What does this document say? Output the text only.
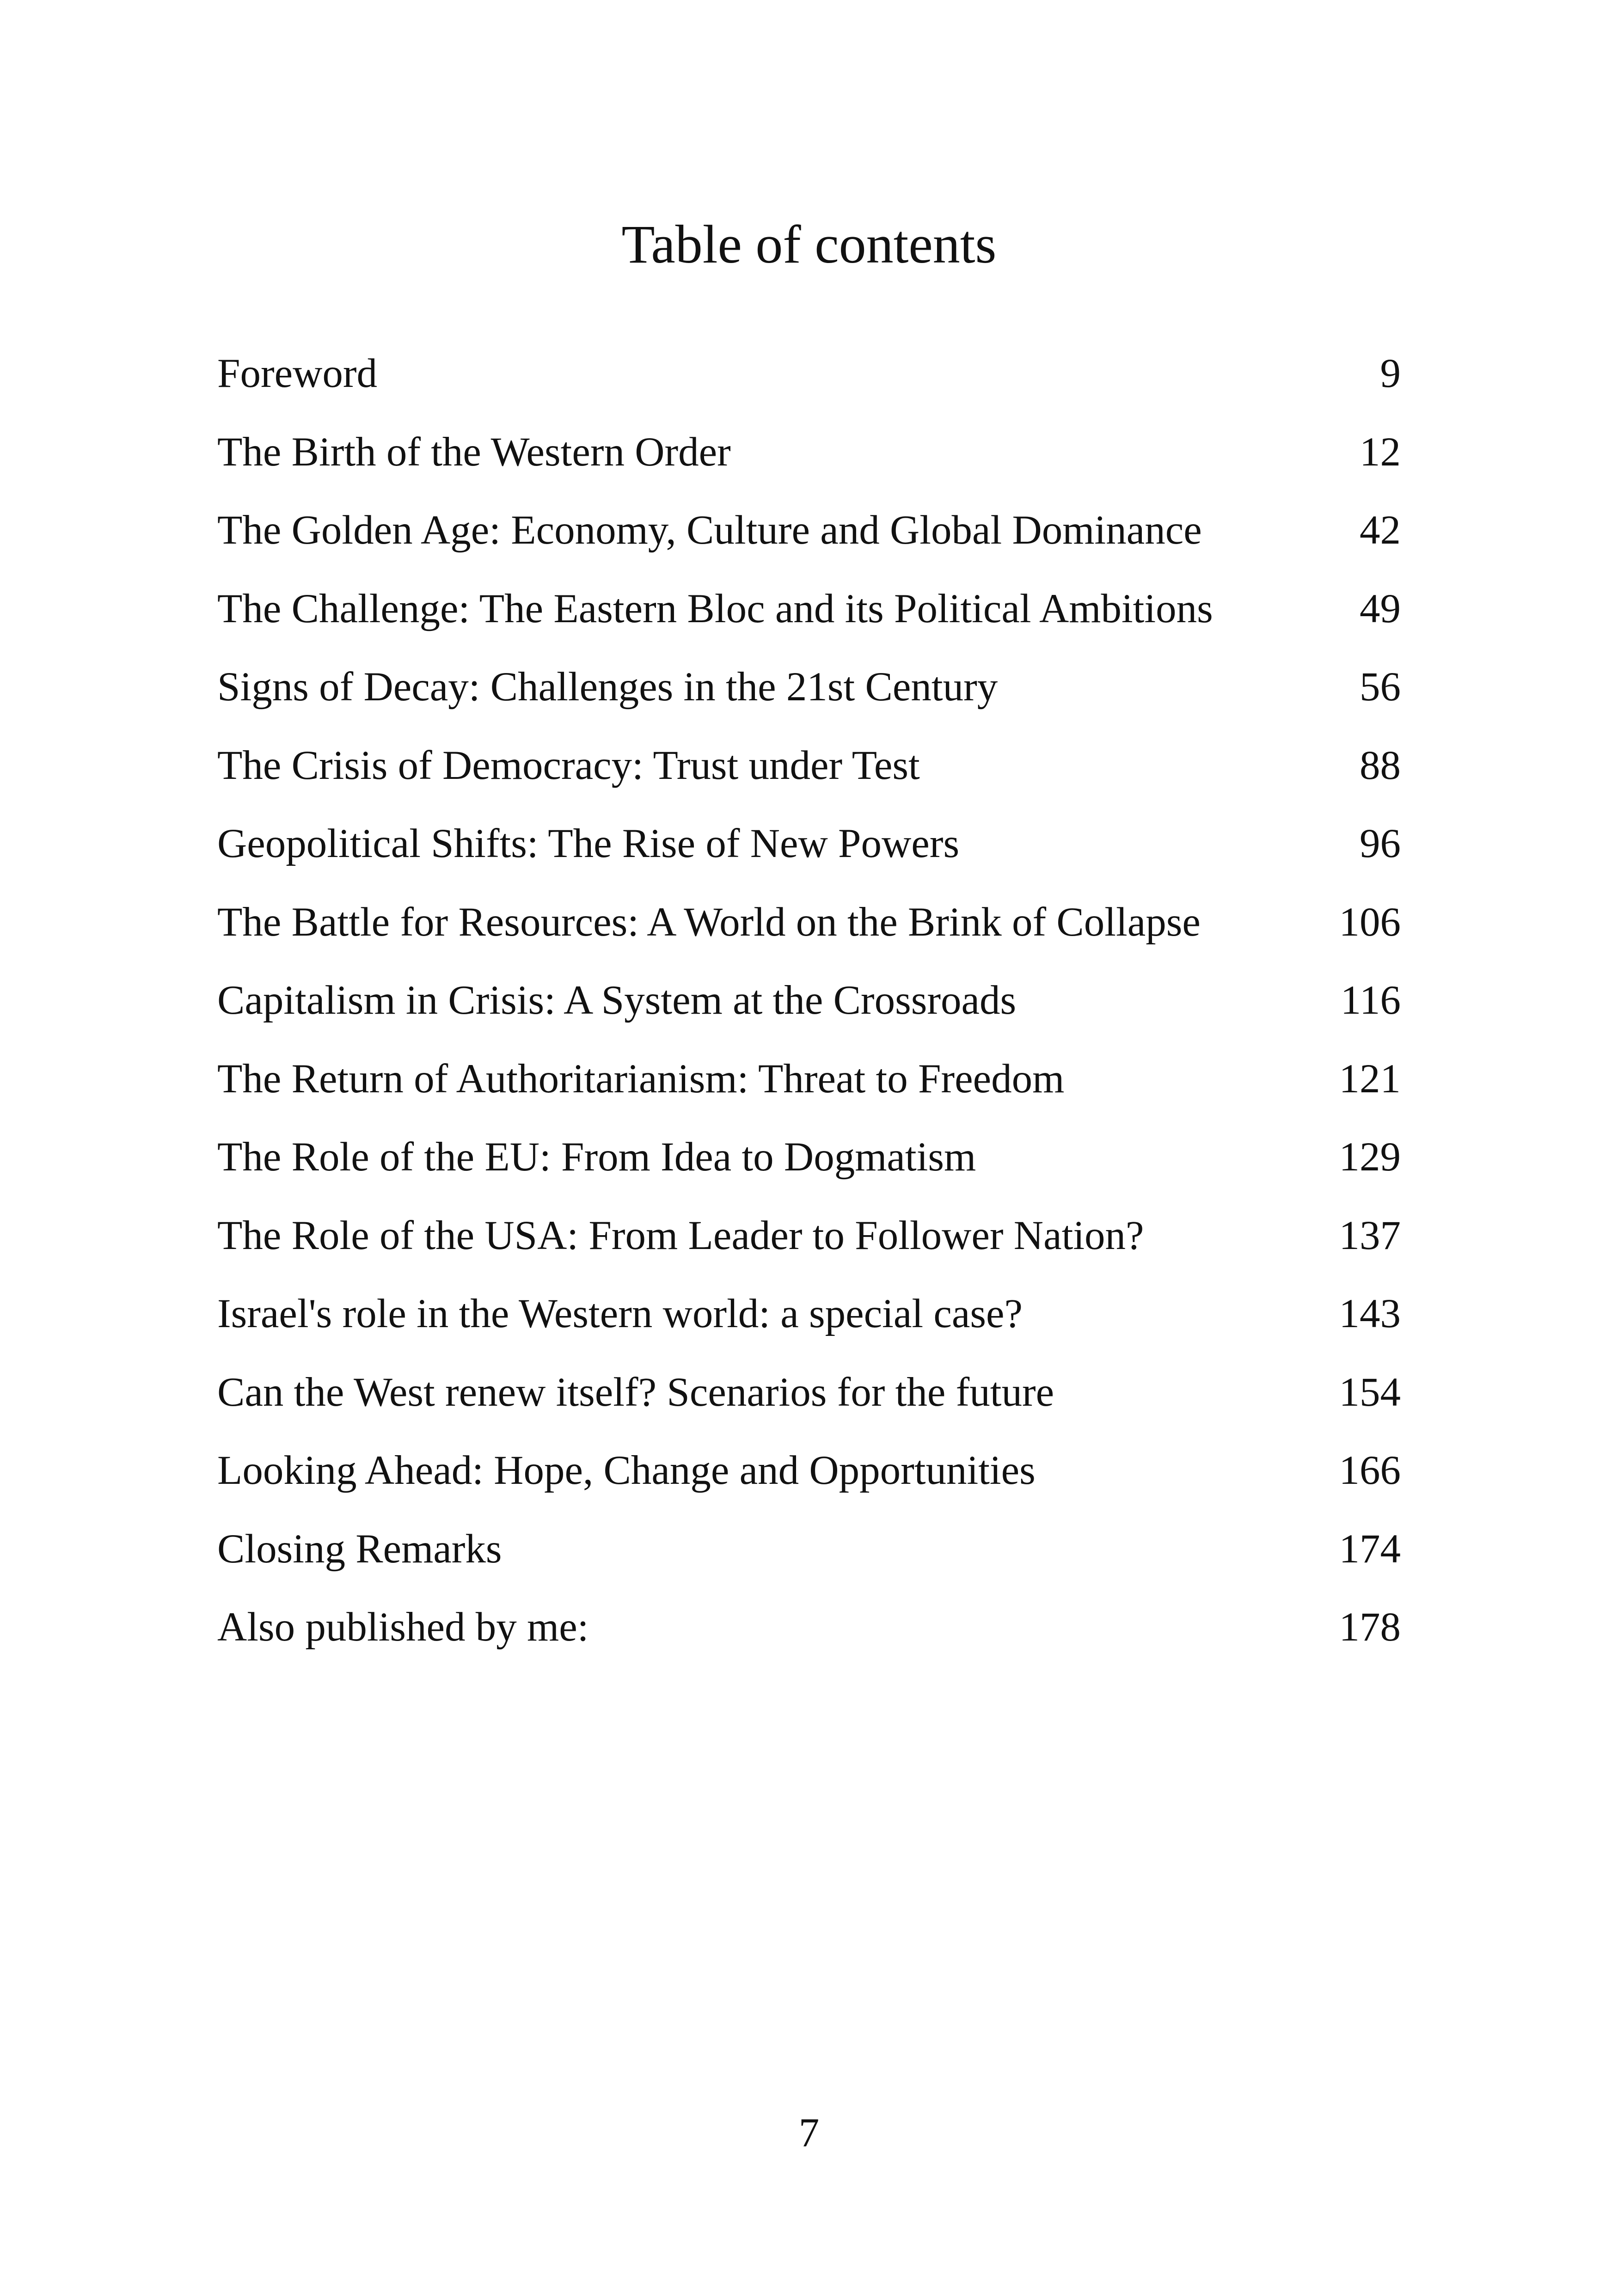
Table of contents
Foreword	9
The Birth of the Western Order	12
The Golden Age: Economy, Culture and Global Dominance	42
The Challenge: The Eastern Bloc and its Political Ambitions	49
Signs of Decay: Challenges in the 21st Century	56
The Crisis of Democracy: Trust under Test	88
Geopolitical Shifts: The Rise of New Powers	96
The Battle for Resources: A World on the Brink of Collapse	106
Capitalism in Crisis: A System at the Crossroads	116
The Return of Authoritarianism: Threat to Freedom	121
The Role of the EU: From Idea to Dogmatism	129
The Role of the USA: From Leader to Follower Nation?	137
Israel's role in the Western world: a special case?	143
Can the West renew itself? Scenarios for the future	154
Looking Ahead: Hope, Change and Opportunities	166
Closing Remarks	174
Also published by me:	178
7
